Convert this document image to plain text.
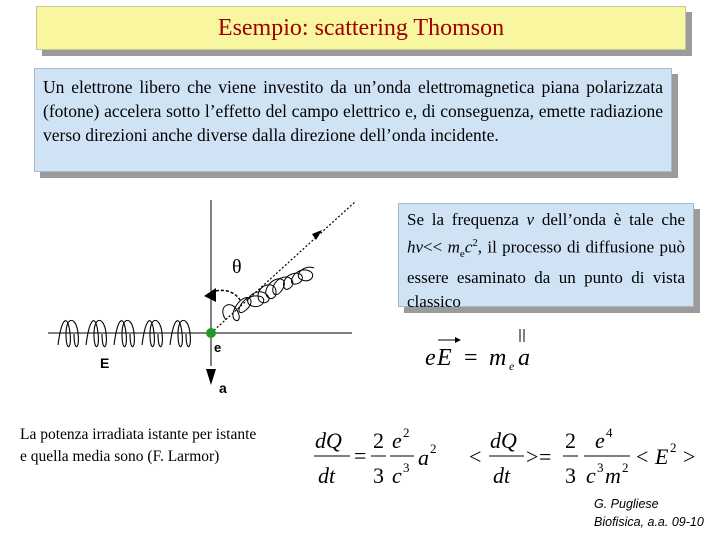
Esempio: scattering Thomson

Un elettrone libero che viene investito da un’onda elettromagnetica piana polarizzata (fotone) accelera sotto l’effetto del campo elettrico e, di conseguenza, emette radiazione verso direzioni anche diverse dalla direzione dell’onda incidente.

Se la frequenza ν dell’onda è tale che $h\nu<< m_ec^2$, il processo di diffusione può essere esaminato da un punto di vista classico

θ
e
E
a
e E = m e a
dQ
dt
=
2
3
e 2
c 3 a 2 <
dQ
dt
> =
2
3
e 4
c 3 m 2 < E 2 >

La potenza irradiata istante per istante e quella media sono (F. Larmor)

G. Pugliese
Biofisica, a.a. 09-10
